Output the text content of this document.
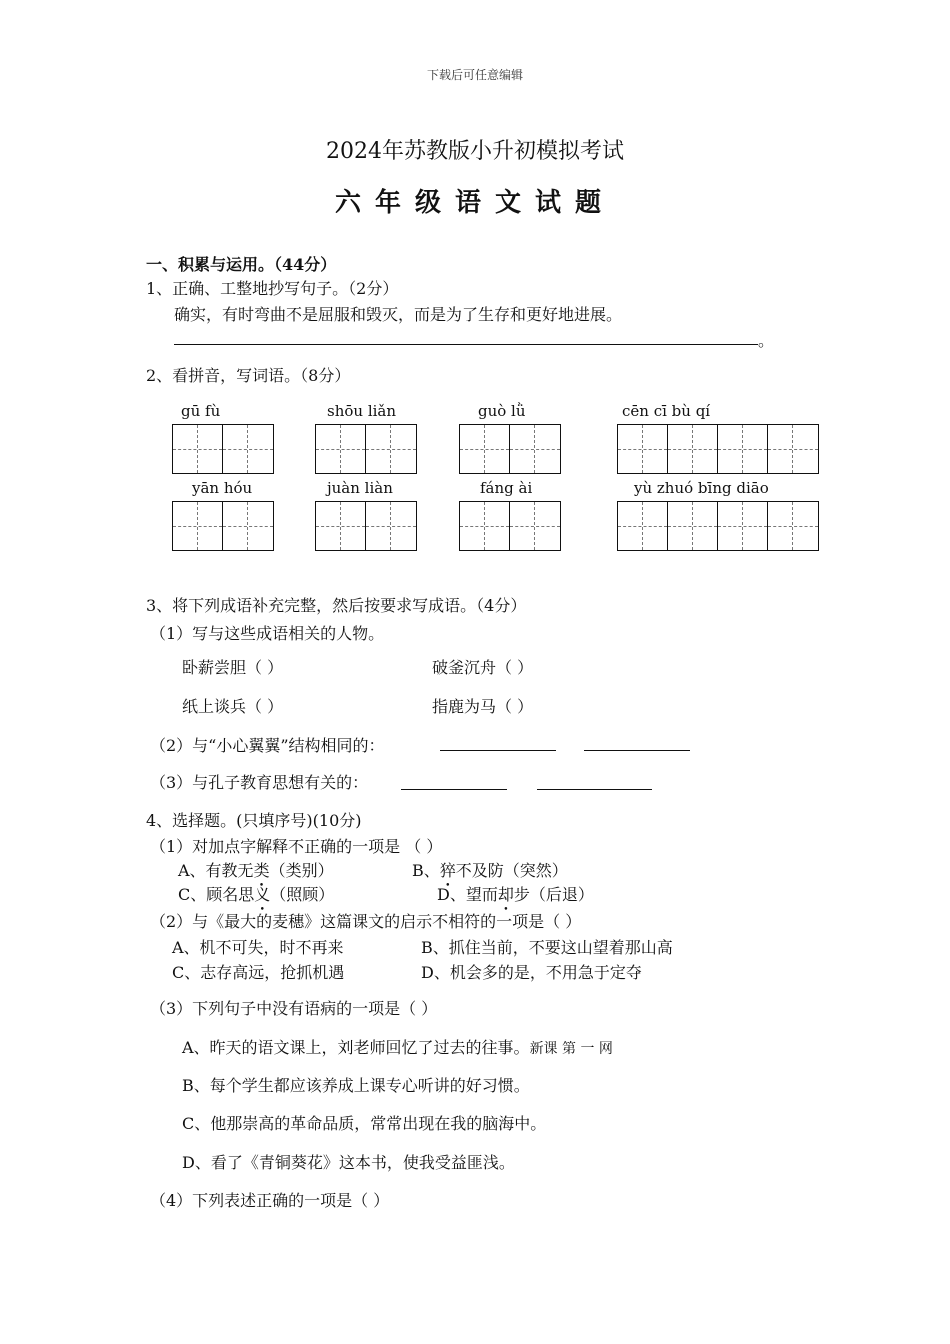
下载后可任意编辑
2024年苏教版小升初模拟考试
六年级语文试题
一、积累与运用。（44分）
1、正确、工整地抄写句子。（2分）
确实，有时弯曲不是屈服和毁灭，而是为了生存和更好地进展。
。
2、看拼音，写词语。（8分）
gū fù	shōu liǎn	guò lǜ	cēn cī bù qí
yān hóu	juàn liàn	fáng ài	yù zhuó bīng diāo
3、将下列成语补充完整，然后按要求写成语。（4分）
（1）写与这些成语相关的人物。
卧薪尝胆（ ）	破釜沉舟（ ）
纸上谈兵（ ）	指鹿为马（ ）
（2）与“小心翼翼”结构相同的：
（3）与孔子教育思想有关的：
4、选择题。(只填序号)(10分)
（1）对加点字解释不正确的一项是 （ ）
A、有教无类（类别）	B、猝不及防（突然）
C、顾名思义（照顾）	D、望而却步（后退）
（2）与《最大的麦穗》这篇课文的启示不相符的一项是（ ）
A、机不可失，时不再来	B、抓住当前，不要这山望着那山高
C、志存高远，抢抓机遇	D、机会多的是，不用急于定夺
（3）下列句子中没有语病的一项是（ ）
A、昨天的语文课上，刘老师回忆了过去的往事。新课 第 一 网
B、每个学生都应该养成上课专心听讲的好习惯。
C、他那崇高的革命品质，常常出现在我的脑海中。
D、看了《青铜葵花》这本书，使我受益匪浅。
（4）下列表述正确的一项是（ ）
